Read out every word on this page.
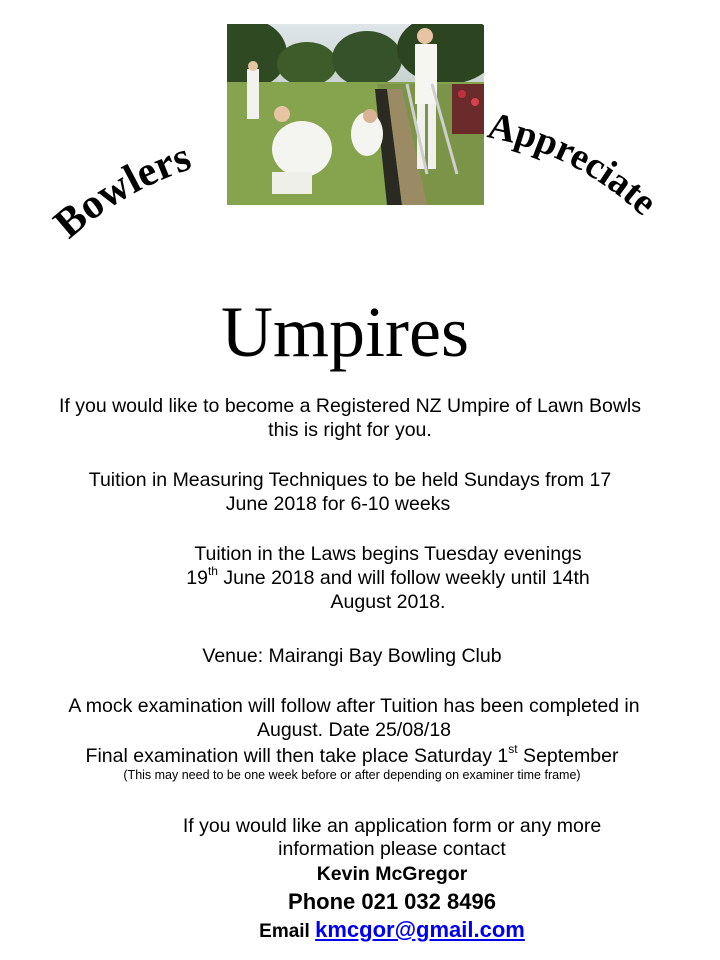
Bowlers
Appreciate
Umpires
If you would like to become a Registered NZ Umpire of Lawn Bowls
this is right for you.
Tuition in Measuring Techniques to be held Sundays from 17
June 2018 for 6-10 weeks
Tuition in the Laws begins Tuesday evenings
19th June 2018 and will follow weekly until 14th
August 2018.
Venue: Mairangi Bay Bowling Club
A mock examination will follow after Tuition has been completed in
August. Date 25/08/18
Final examination will then take place Saturday 1st September
(This may need to be one week before or after depending on examiner time frame)
If you would like an application form or any more
information please contact
Kevin McGregor
Phone 021 032 8496
Email kmcgor@gmail.com
